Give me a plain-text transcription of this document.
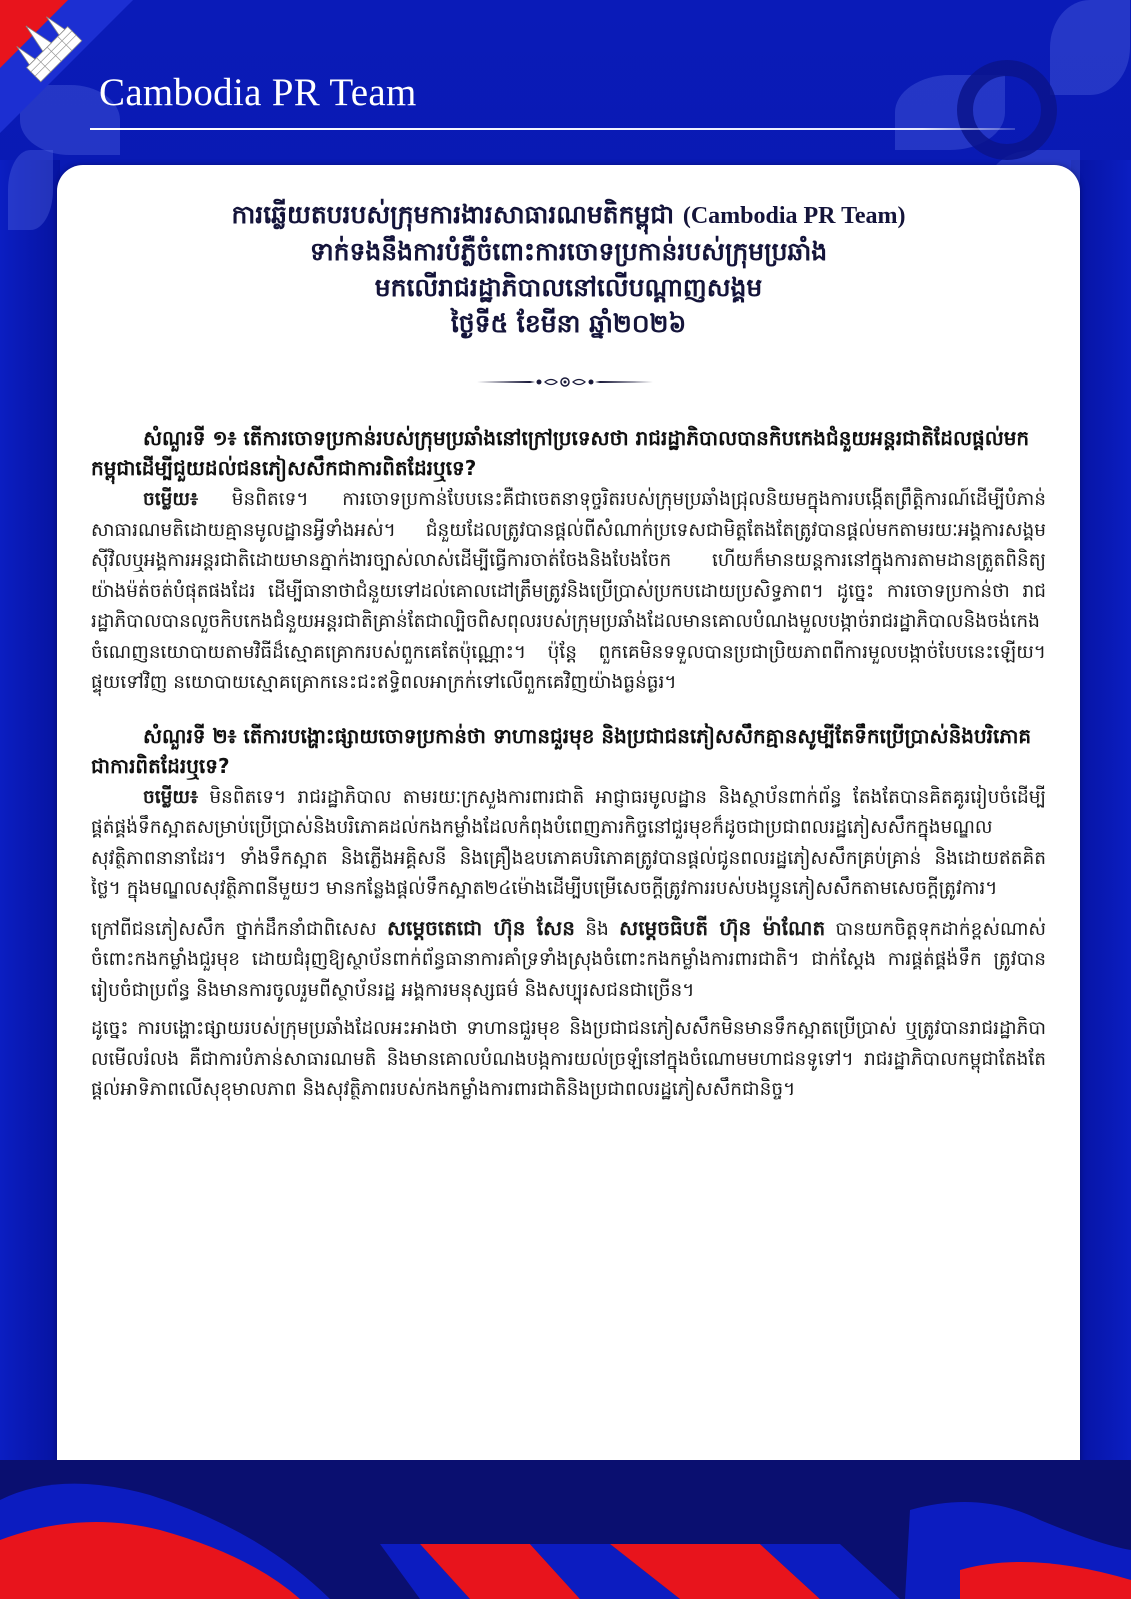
Cambodia PR Team
ការឆ្លើយតបរបស់ក្រុមការងារសាធារណមតិកម្ពុជា (Cambodia PR Team)
ទាក់ទងនឹងការបំភ្លឺចំពោះការចោទប្រកាន់របស់ក្រុមប្រឆាំង
មកលើរាជរដ្ឋាភិបាលនៅលើបណ្តាញសង្គម
ថ្ងៃទី៥ ខែមីនា ឆ្នាំ២០២៦
សំណួរទី ១៖ តើការចោទប្រកាន់របស់ក្រុមប្រឆាំងនៅក្រៅប្រទេសថា រាជរដ្ឋាភិបាលបានកិបកេងជំនួយអន្តរជាតិដែលផ្តល់មកកម្ពុជាដើម្បីជួយដល់ជនភៀសសឹកជាការពិតដែរឬទេ?
ចម្លើយ៖ មិនពិតទេ។ ការចោទប្រកាន់បែបនេះគឺជាចេតនាទុច្ចរិតរបស់ក្រុមប្រឆាំងជ្រុលនិយមក្នុងការបង្កើតព្រឹត្តិការណ៍ដើម្បីបំភាន់សាធារណមតិដោយគ្មានមូលដ្ឋានអ្វីទាំងអស់។ ជំនួយដែលត្រូវបានផ្តល់ពីសំណាក់ប្រទេសជាមិត្តតែងតែត្រូវបានផ្តល់មកតាមរយៈអង្គការសង្គមស៊ីវិលឬអង្គការអន្តរជាតិដោយមានភ្នាក់ងារច្បាស់លាស់ដើម្បីធ្វើការចាត់ចែងនិងបែងចែក ហើយក៏មានយន្តការនៅក្នុងការតាមដានត្រួតពិនិត្យយ៉ាងម៉ត់ចត់បំផុតផងដែរ ដើម្បីធានាថាជំនួយទៅដល់គោលដៅត្រឹមត្រូវនិងប្រើប្រាស់ប្រកបដោយប្រសិទ្ធភាព។ ដូច្នេះ ការចោទប្រកាន់ថា រាជរដ្ឋាភិបាលបានលួចកិបកេងជំនួយអន្តរជាតិគ្រាន់តែជាល្បិចពិសពុលរបស់ក្រុមប្រឆាំងដែលមានគោលបំណងមួលបង្កាច់រាជរដ្ឋាភិបាលនិងចង់កេងចំណេញនយោបាយតាមវិធីដ៏ស្មោគគ្រោករបស់ពួកគេតែប៉ុណ្ណោះ។ ប៉ុន្តែ ពួកគេមិនទទួលបានប្រជាប្រិយភាពពីការមួលបង្កាច់បែបនេះឡើយ។ ផ្ទុយទៅវិញ នយោបាយស្មោគគ្រោកនេះជះឥទ្ធិពលអាក្រក់ទៅលើពួកគេវិញយ៉ាងធ្ងន់ធ្ងរ។
សំណួរទី ២៖ តើការបង្ហោះផ្សាយចោទប្រកាន់ថា ទាហានជួរមុខ និងប្រជាជនភៀសសឹកគ្មានសូម្បីតែទឹកប្រើប្រាស់និងបរិភោគ ជាការពិតដែរឬទេ?
ចម្លើយ៖ មិនពិតទេ។ រាជរដ្ឋាភិបាល តាមរយៈក្រសួងការពារជាតិ អាជ្ញាធរមូលដ្ឋាន និងស្ថាប័នពាក់ព័ន្ធ តែងតែបានគិតគូររៀបចំដើម្បីផ្គត់ផ្គង់ទឹកស្អាតសម្រាប់ប្រើប្រាស់និងបរិភោគដល់កងកម្លាំងដែលកំពុងបំពេញភារកិច្ចនៅជួរមុខក៏ដូចជាប្រជាពលរដ្ឋភៀសសឹកក្នុងមណ្ឌលសុវត្ថិភាពនានាដែរ។ ទាំងទឹកស្អាត និងភ្លើងអគ្គិសនី និងគ្រឿងឧបភោគបរិភោគត្រូវបានផ្តល់ជូនពលរដ្ឋភៀសសឹកគ្រប់គ្រាន់ និងដោយឥតគិតថ្លៃ។ ក្នុងមណ្ឌលសុវត្ថិភាពនីមួយៗ មានកន្លែងផ្តល់ទឹកស្អាត២៤ម៉ោងដើម្បីបម្រើសេចក្តីត្រូវការរបស់បងប្អូនភៀសសឹកតាមសេចក្តីត្រូវការ។
ក្រៅពីជនភៀសសឹក ថ្នាក់ដឹកនាំជាពិសេស សម្តេចតេជោ ហ៊ុន សែន និង សម្តេចធិបតី ហ៊ុន ម៉ាណែត បានយកចិត្តទុកដាក់ខ្ពស់ណាស់ចំពោះកងកម្លាំងជួរមុខ ដោយជំរុញឱ្យស្ថាប័នពាក់ព័ន្ធធានាការគាំទ្រទាំងស្រុងចំពោះកងកម្លាំងការពារជាតិ។ ជាក់ស្តែង ការផ្គត់ផ្គង់ទឹក ត្រូវបានរៀបចំជាប្រព័ន្ធ និងមានការចូលរួមពីស្ថាប័នរដ្ឋ អង្គការមនុស្សធម៌ និងសប្បុរសជនជាច្រើន។
ដូច្នេះ ការបង្ហោះផ្សាយរបស់ក្រុមប្រឆាំងដែលអះអាងថា ទាហានជួរមុខ និងប្រជាជនភៀសសឹកមិនមានទឹកស្អាតប្រើប្រាស់ ឬត្រូវបានរាជរដ្ឋាភិបាលមើលរំលង គឺជាការបំភាន់សាធារណមតិ និងមានគោលបំណងបង្កការយល់ច្រឡំនៅក្នុងចំណោមមហាជនទូទៅ។ រាជរដ្ឋាភិបាលកម្ពុជាតែងតែផ្តល់អាទិភាពលើសុខុមាលភាព និងសុវត្ថិភាពរបស់កងកម្លាំងការពារជាតិនិងប្រជាពលរដ្ឋភៀសសឹកជានិច្ច។
